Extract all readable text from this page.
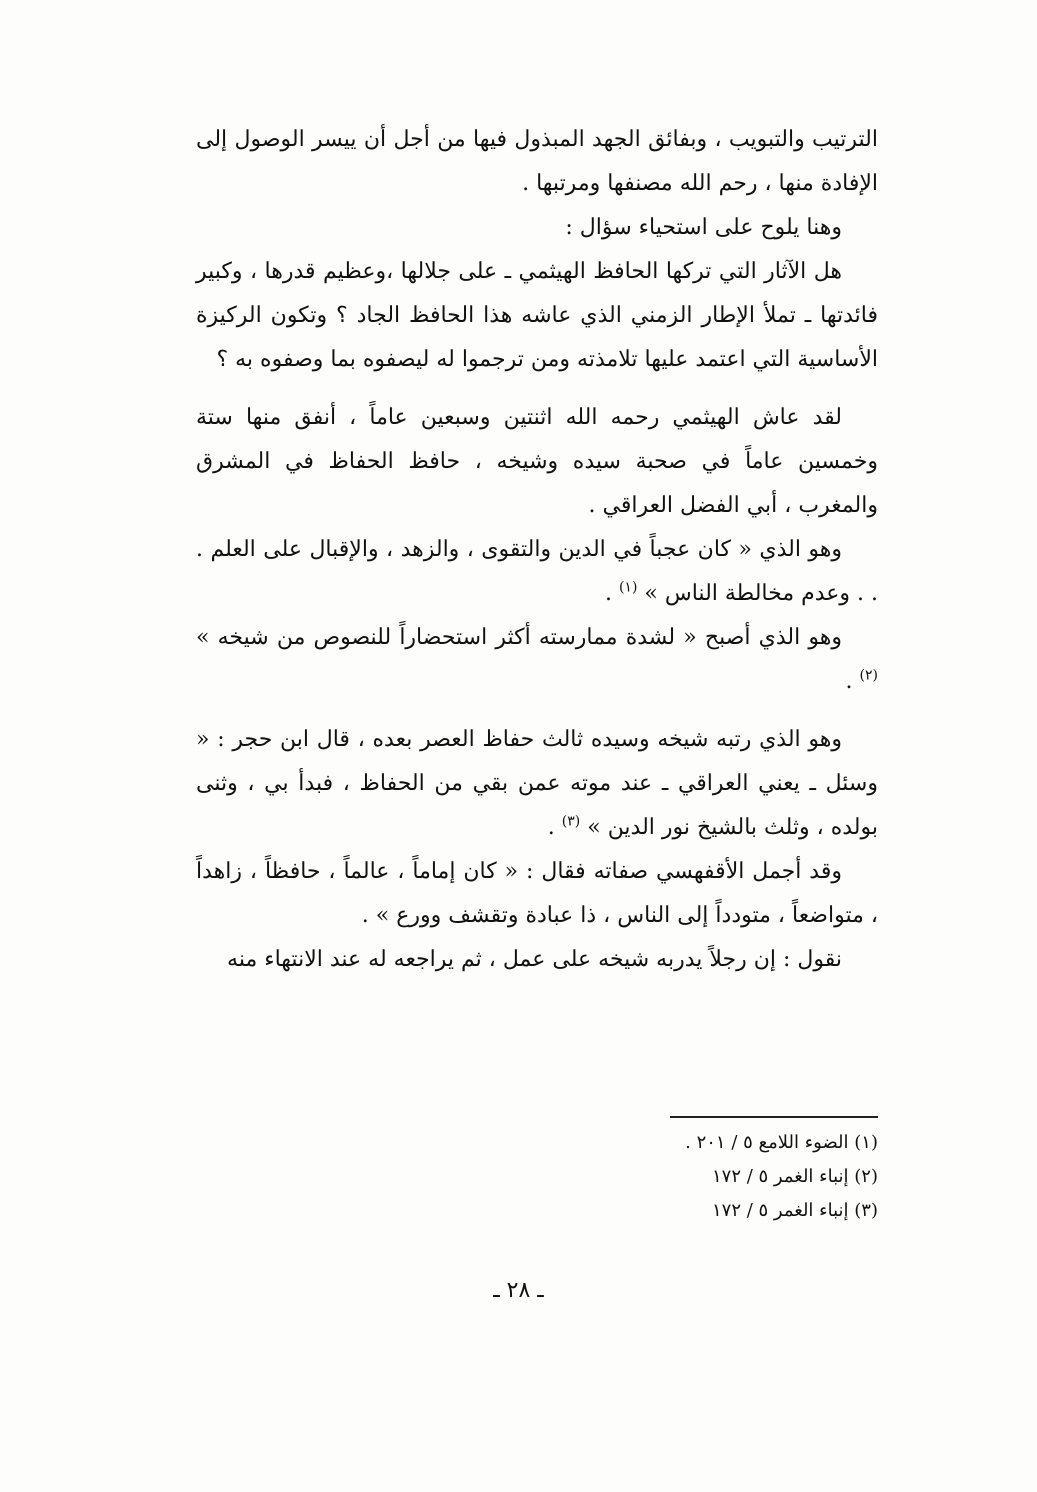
الترتيب والتبويب ، وبفائق الجهد المبذول فيها من أجل أن ييسر الوصول إلى الإفادة منها ، رحم الله مصنفها ومرتبها .

وهنا يلوح على استحياء سؤال :

هل الآثار التي تركها الحافظ الهيثمي ـ على جلالها ،وعظيم قدرها ، وكبير فائدتها ـ تملأ الإطار الزمني الذي عاشه هذا الحافظ الجاد ؟ وتكون الركيزة الأساسية التي اعتمد عليها تلامذته ومن ترجموا له ليصفوه بما وصفوه به ؟

لقد عاش الهيثمي رحمه الله اثنتين وسبعين عاماً ، أنفق منها ستة وخمسين عاماً في صحبة سيده وشيخه ، حافظ الحفاظ في المشرق والمغرب ، أبي الفضل العراقي .

وهو الذي « كان عجباً في الدين والتقوى ، والزهد ، والإقبال على العلم . . . وعدم مخالطة الناس » $^{(١)}$ .

وهو الذي أصبح « لشدة ممارسته أكثر استحضاراً للنصوص من شيخه » $^{(٢)}$ .

وهو الذي رتبه شيخه وسيده ثالث حفاظ العصر بعده ، قال ابن حجر : « وسئل ـ يعني العراقي ـ عند موته عمن بقي من الحفاظ ، فبدأ بي ، وثنى بولده ، وثلث بالشيخ نور الدين » $^{(٣)}$ .

وقد أجمل الأقفهسي صفاته فقال : « كان إماماً ، عالماً ، حافظاً ، زاهداً ، متواضعاً ، متودداً إلى الناس ، ذا عبادة وتقشف وورع » .

نقول : إن رجلاً يدربه شيخه على عمل ، ثم يراجعه له عند الانتهاء منه

(١) الضوء اللامع ٥ / ٢٠١ .
(٢) إنباء الغمر ٥ / ١٧٢
(٣) إنباء الغمر ٥ / ١٧٢
ـ ٢٨ ـ
